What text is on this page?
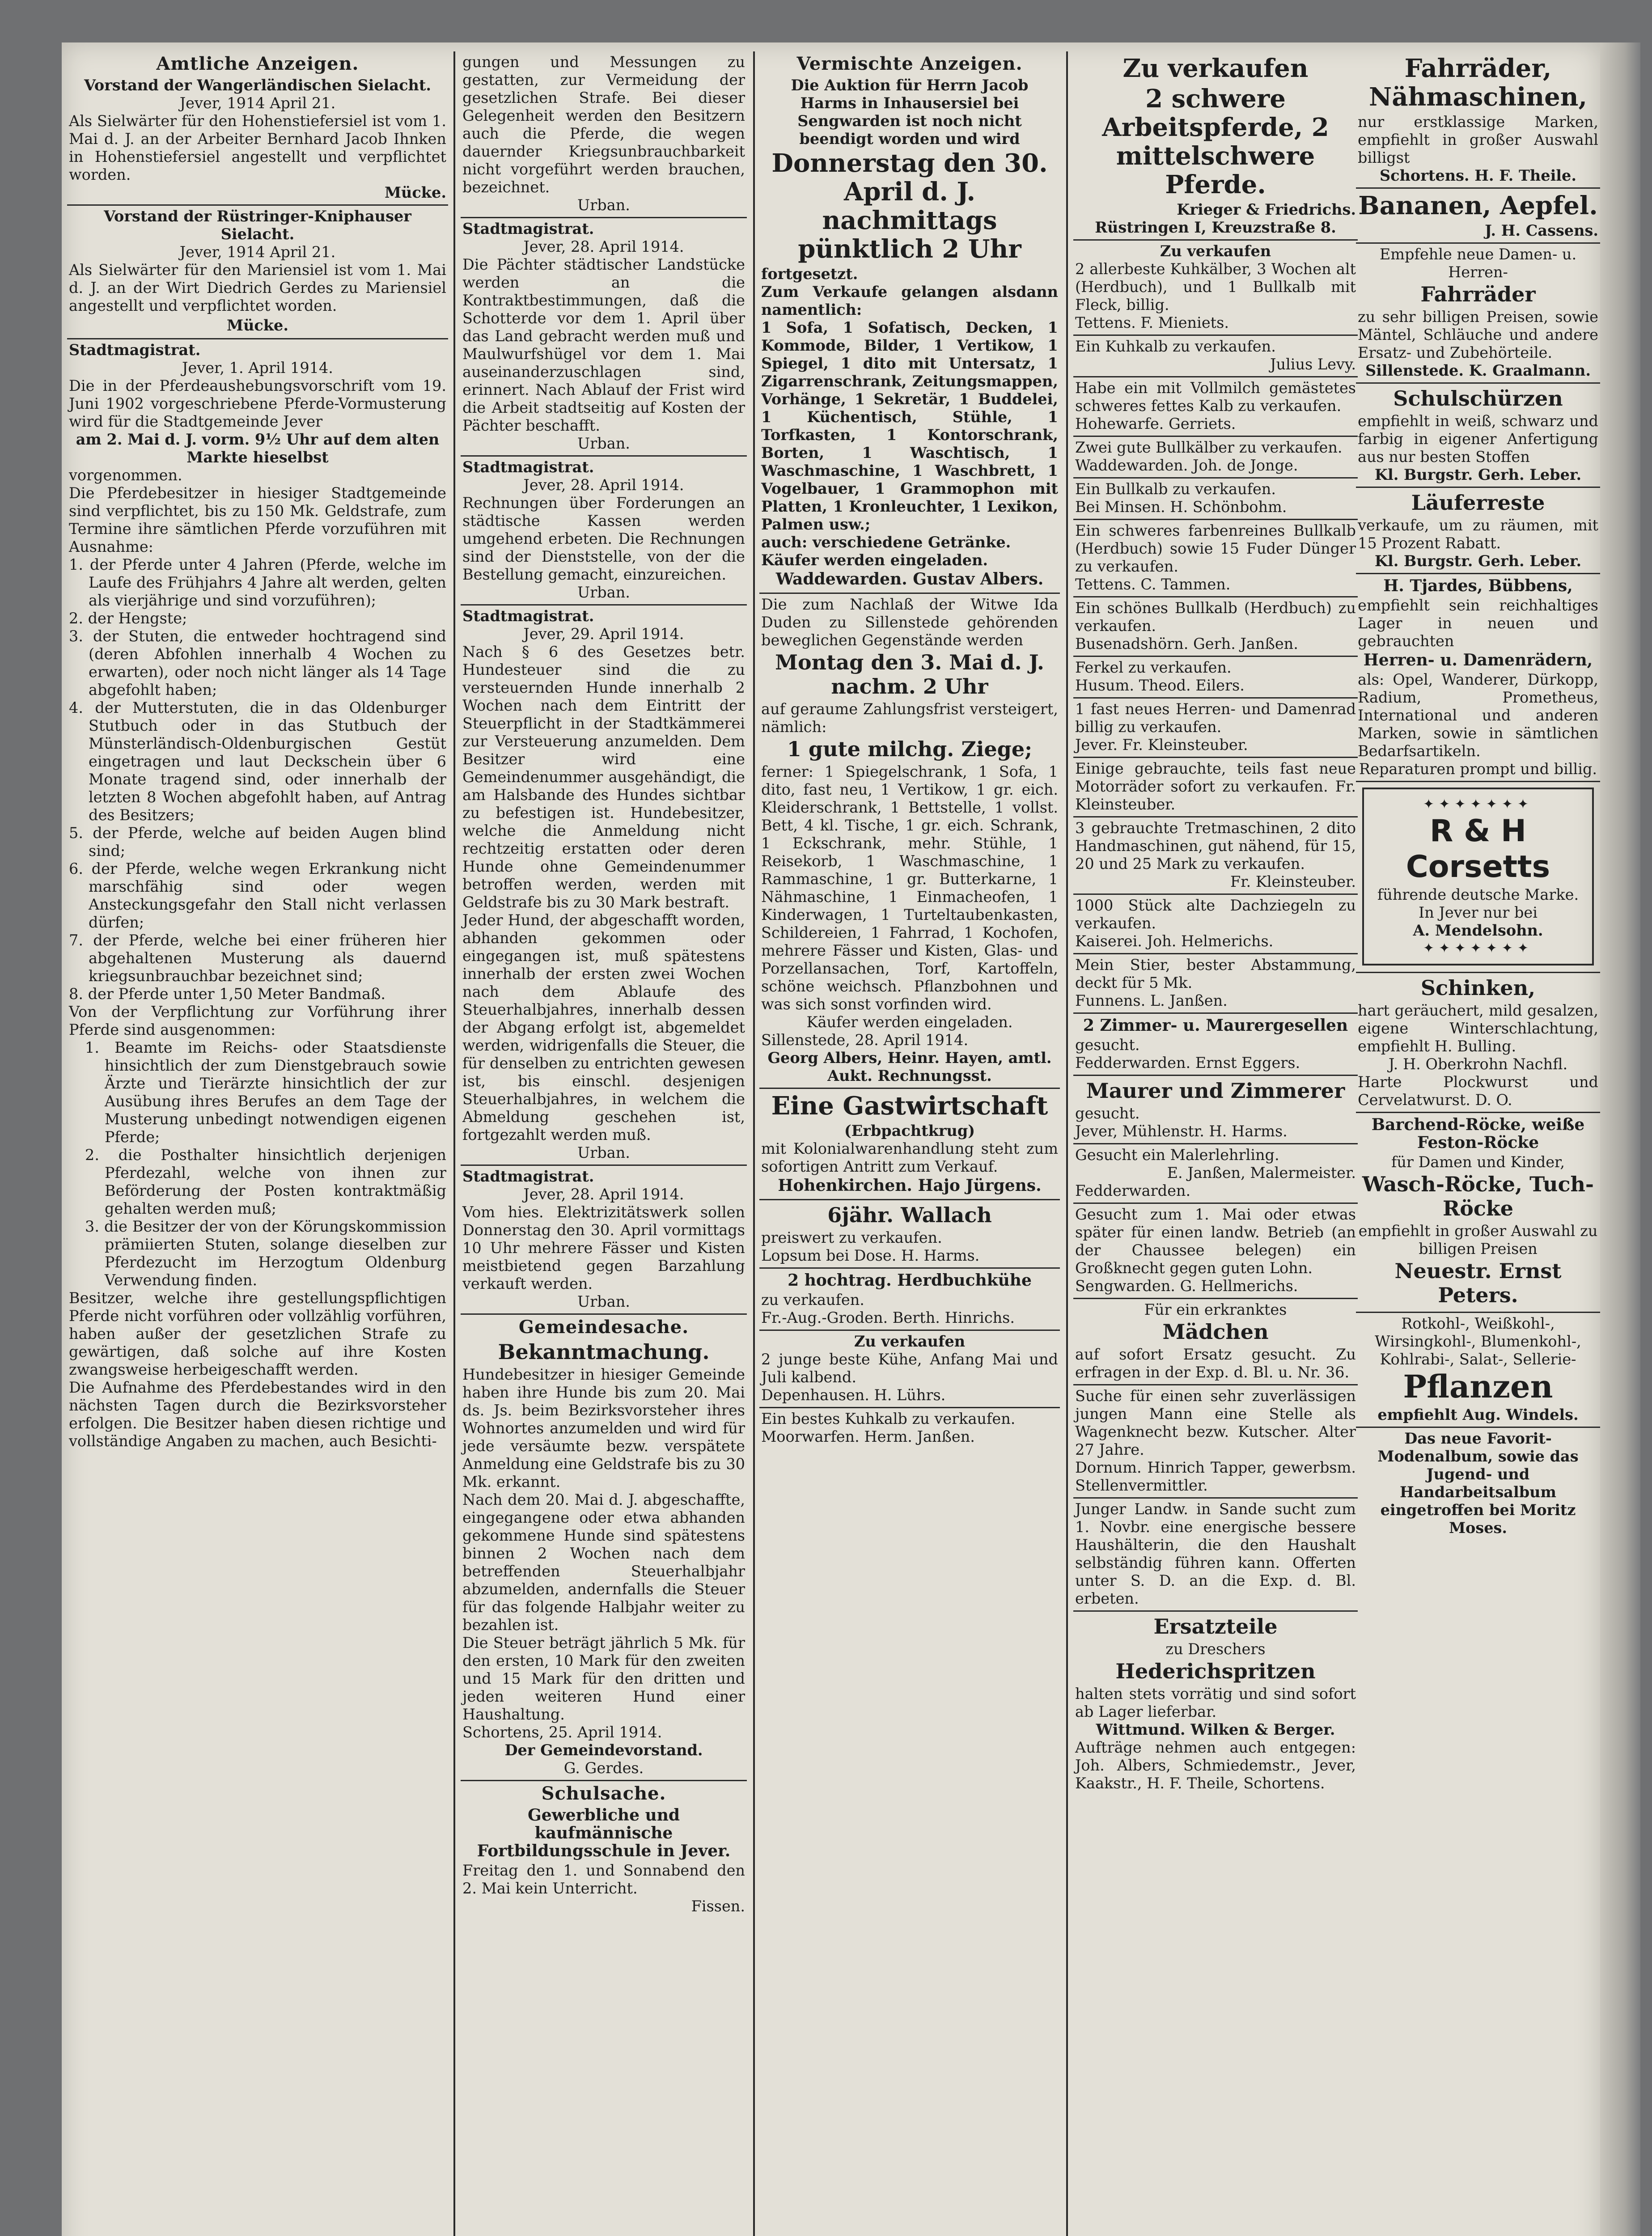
Amtliche Anzeigen.

Vorstand der Wangerländischen Sielacht.

Jever, 1914 April 21.

Als Sielwärter für den Hohenstiefersiel ist vom 1. Mai d. J. an der Arbeiter Bernhard Jacob Ihnken in Hohenstiefersiel angestellt und verpflichtet worden.

Mücke.

Vorstand der Rüstringer-Kniphauser Sielacht.

Jever, 1914 April 21.

Als Sielwärter für den Mariensiel ist vom 1. Mai d. J. an der Wirt Diedrich Gerdes zu Mariensiel angestellt und verpflichtet worden.

Mücke.

Stadtmagistrat.

Jever, 1. April 1914.

Die in der Pferdeaushebungsvorschrift vom 19. Juni 1902 vorgeschriebene Pferde-Vormusterung wird für die Stadtgemeinde Jever

am 2. Mai d. J. vorm. 9½ Uhr auf dem alten Markte hieselbst

vorgenommen.

Die Pferdebesitzer in hiesiger Stadtgemeinde sind verpflichtet, bis zu 150 Mk. Geldstrafe, zum Termine ihre sämtlichen Pferde vorzuführen mit Ausnahme:

1. der Pferde unter 4 Jahren (Pferde, welche im Laufe des Frühjahrs 4 Jahre alt werden, gelten als vierjährige und sind vorzuführen);

2. der Hengste;

3. der Stuten, die entweder hochtragend sind (deren Abfohlen innerhalb 4 Wochen zu erwarten), oder noch nicht länger als 14 Tage abgefohlt haben;

4. der Mutterstuten, die in das Oldenburger Stutbuch oder in das Stutbuch der Münsterländisch-Oldenburgischen Gestüt eingetragen und laut Deckschein über 6 Monate tragend sind, oder innerhalb der letzten 8 Wochen abgefohlt haben, auf Antrag des Besitzers;

5. der Pferde, welche auf beiden Augen blind sind;

6. der Pferde, welche wegen Erkrankung nicht marschfähig sind oder wegen Ansteckungsgefahr den Stall nicht verlassen dürfen;

7. der Pferde, welche bei einer früheren hier abgehaltenen Musterung als dauernd kriegsunbrauchbar bezeichnet sind;

8. der Pferde unter 1,50 Meter Bandmaß.

Von der Verpflichtung zur Vorführung ihrer Pferde sind ausgenommen:

1. Beamte im Reichs- oder Staatsdienste hinsichtlich der zum Dienstgebrauch sowie Ärzte und Tierärzte hinsichtlich der zur Ausübung ihres Berufes an dem Tage der Musterung unbedingt notwendigen eigenen Pferde;

2. die Posthalter hinsichtlich derjenigen Pferdezahl, welche von ihnen zur Beförderung der Posten kontraktmäßig gehalten werden muß;

3. die Besitzer der von der Körungskommission prämiierten Stuten, solange dieselben zur Pferdezucht im Herzogtum Oldenburg Verwendung finden.

Besitzer, welche ihre gestellungspflichtigen Pferde nicht vorführen oder vollzählig vorführen, haben außer der gesetzlichen Strafe zu gewärtigen, daß solche auf ihre Kosten zwangsweise herbeigeschafft werden.

Die Aufnahme des Pferdebestandes wird in den nächsten Tagen durch die Bezirksvorsteher erfolgen. Die Besitzer haben diesen richtige und vollständige Angaben zu machen, auch Besichti-

gungen und Messungen zu gestatten, zur Vermeidung der gesetzlichen Strafe. Bei dieser Gelegenheit werden den Besitzern auch die Pferde, die wegen dauernder Kriegsunbrauchbarkeit nicht vorgeführt werden brauchen, bezeichnet.

Urban.

Stadtmagistrat.

Jever, 28. April 1914.

Die Pächter städtischer Landstücke werden an die Kontraktbestimmungen, daß die Schotterde vor dem 1. April über das Land gebracht werden muß und Maulwurfshügel vor dem 1. Mai auseinanderzuschlagen sind, erinnert. Nach Ablauf der Frist wird die Arbeit stadtseitig auf Kosten der Pächter beschafft.

Urban.

Stadtmagistrat.

Jever, 28. April 1914.

Rechnungen über Forderungen an städtische Kassen werden umgehend erbeten. Die Rechnungen sind der Dienststelle, von der die Bestellung gemacht, einzureichen.

Urban.

Stadtmagistrat.

Jever, 29. April 1914.

Nach § 6 des Gesetzes betr. Hundesteuer sind die zu versteuernden Hunde innerhalb 2 Wochen nach dem Eintritt der Steuerpflicht in der Stadtkämmerei zur Versteuerung anzumelden. Dem Besitzer wird eine Gemeindenummer ausgehändigt, die am Halsbande des Hundes sichtbar zu befestigen ist. Hundebesitzer, welche die Anmeldung nicht rechtzeitig erstatten oder deren Hunde ohne Gemeindenummer betroffen werden, werden mit Geldstrafe bis zu 30 Mark bestraft.

Jeder Hund, der abgeschafft worden, abhanden gekommen oder eingegangen ist, muß spätestens innerhalb der ersten zwei Wochen nach dem Ablaufe des Steuerhalbjahres, innerhalb dessen der Abgang erfolgt ist, abgemeldet werden, widrigenfalls die Steuer, die für denselben zu entrichten gewesen ist, bis einschl. desjenigen Steuerhalbjahres, in welchem die Abmeldung geschehen ist, fortgezahlt werden muß.

Urban.

Stadtmagistrat.

Jever, 28. April 1914.

Vom hies. Elektrizitätswerk sollen Donnerstag den 30. April vormittags 10 Uhr mehrere Fässer und Kisten meistbietend gegen Barzahlung verkauft werden.

Urban.

Gemeindesache.
Bekanntmachung.

Hundebesitzer in hiesiger Gemeinde haben ihre Hunde bis zum 20. Mai ds. Js. beim Bezirksvorsteher ihres Wohnortes anzumelden und wird für jede versäumte bezw. verspätete Anmeldung eine Geldstrafe bis zu 30 Mk. erkannt.

Nach dem 20. Mai d. J. abgeschaffte, eingegangene oder etwa abhanden gekommene Hunde sind spätestens binnen 2 Wochen nach dem betreffenden Steuerhalbjahr abzumelden, andernfalls die Steuer für das folgende Halbjahr weiter zu bezahlen ist.

Die Steuer beträgt jährlich 5 Mk. für den ersten, 10 Mark für den zweiten und 15 Mark für den dritten und jeden weiteren Hund einer Haushaltung.

Schortens, 25. April 1914.

Der Gemeindevorstand.

G. Gerdes.

Schulsache.
Gewerbliche und kaufmännische Fortbildungsschule in Jever.

Freitag den 1. und Sonnabend den 2. Mai kein Unterricht.

Fissen.

Vermischte Anzeigen.

Die Auktion für Herrn Jacob Harms in Inhausersiel bei Sengwarden ist noch nicht beendigt worden und wird

Donnerstag den 30. April d. J. nachmittags pünktlich 2 Uhr

fortgesetzt.

Zum Verkaufe gelangen alsdann namentlich:

1 Sofa, 1 Sofatisch, Decken, 1 Kommode, Bilder, 1 Vertikow, 1 Spiegel, 1 dito mit Untersatz, 1 Zigarrenschrank, Zeitungsmappen, Vorhänge, 1 Sekretär, 1 Buddelei, 1 Küchentisch, Stühle, 1 Torfkasten, 1 Kontorschrank, Borten, 1 Waschtisch, 1 Waschmaschine, 1 Waschbrett, 1 Vogelbauer, 1 Grammophon mit Platten, 1 Kronleuchter, 1 Lexikon, Palmen usw.;

auch: verschiedene Getränke.

Käufer werden eingeladen.

Waddewarden. Gustav Albers.

Die zum Nachlaß der Witwe Ida Duden zu Sillenstede gehörenden beweglichen Gegenstände werden

Montag den 3. Mai d. J. nachm. 2 Uhr

auf geraume Zahlungsfrist versteigert, nämlich:

1 gute milchg. Ziege;

ferner: 1 Spiegelschrank, 1 Sofa, 1 dito, fast neu, 1 Vertikow, 1 gr. eich. Kleiderschrank, 1 Bettstelle, 1 vollst. Bett, 4 kl. Tische, 1 gr. eich. Schrank, 1 Eckschrank, mehr. Stühle, 1 Reisekorb, 1 Waschmaschine, 1 Rammaschine, 1 gr. Butterkarne, 1 Nähmaschine, 1 Einmacheofen, 1 Kinderwagen, 1 Turteltaubenkasten, Schildereien, 1 Fahrrad, 1 Kochofen, mehrere Fässer und Kisten, Glas- und Porzellansachen, Torf, Kartoffeln, schöne weichsch. Pflanzbohnen und was sich sonst vorfinden wird.

Käufer werden eingeladen.

Sillenstede, 28. April 1914.

Georg Albers, Heinr. Hayen, amtl. Aukt. Rechnungsst.

Eine Gastwirtschaft

(Erbpachtkrug)

mit Kolonialwarenhandlung steht zum sofortigen Antritt zum Verkauf.

Hohenkirchen. Hajo Jürgens.
6jähr. Wallach

preiswert zu verkaufen.

Lopsum bei Dose. H. Harms.

2 hochtrag. Herdbuchkühe

zu verkaufen.

Fr.-Aug.-Groden. Berth. Hinrichs.

Zu verkaufen

2 junge beste Kühe, Anfang Mai und Juli kalbend.

Depenhausen. H. Lührs.

Ein bestes Kuhkalb zu verkaufen.

Moorwarfen. Herm. Janßen.

Zu verkaufen
2 schwere Arbeitspferde, 2 mittelschwere Pferde.

Krieger & Friedrichs.

Rüstringen I, Kreuzstraße 8.

Zu verkaufen

2 allerbeste Kuhkälber, 3 Wochen alt (Herdbuch), und 1 Bullkalb mit Fleck, billig.

Tettens. F. Mieniets.

Ein Kuhkalb zu verkaufen.

Julius Levy.

Habe ein mit Vollmilch gemästetes schweres fettes Kalb zu verkaufen.

Hohewarfe. Gerriets.

Zwei gute Bullkälber zu verkaufen.

Waddewarden. Joh. de Jonge.

Ein Bullkalb zu verkaufen.

Bei Minsen. H. Schönbohm.

Ein schweres farbenreines Bullkalb (Herdbuch) sowie 15 Fuder Dünger zu verkaufen.

Tettens. C. Tammen.

Ein schönes Bullkalb (Herdbuch) zu verkaufen.

Busenadshörn. Gerh. Janßen.

Ferkel zu verkaufen.

Husum. Theod. Eilers.

1 fast neues Herren- und Damenrad billig zu verkaufen.

Jever. Fr. Kleinsteuber.

Einige gebrauchte, teils fast neue Motorräder sofort zu verkaufen. Fr. Kleinsteuber.

3 gebrauchte Tretmaschinen, 2 dito Handmaschinen, gut nähend, für 15, 20 und 25 Mark zu verkaufen.

Fr. Kleinsteuber.

1000 Stück alte Dachziegeln zu verkaufen.

Kaiserei. Joh. Helmerichs.

Mein Stier, bester Abstammung, deckt für 5 Mk.

Funnens. L. Janßen.

2 Zimmer- u. Maurergesellen

gesucht.

Fedderwarden. Ernst Eggers.

Maurer und Zimmerer

gesucht.

Jever, Mühlenstr. H. Harms.

Gesucht ein Malerlehrling.

E. Janßen, Malermeister.

Fedderwarden.

Gesucht zum 1. Mai oder etwas später für einen landw. Betrieb (an der Chaussee belegen) ein Großknecht gegen guten Lohn.

Sengwarden. G. Hellmerichs.

Für ein erkranktes

Mädchen

auf sofort Ersatz gesucht. Zu erfragen in der Exp. d. Bl. u. Nr. 36.

Suche für einen sehr zuverlässigen jungen Mann eine Stelle als Wagenknecht bezw. Kutscher. Alter 27 Jahre.

Dornum. Hinrich Tapper, gewerbsm. Stellenvermittler.

Junger Landw. in Sande sucht zum 1. Novbr. eine energische bessere Haushälterin, die den Haushalt selbständig führen kann. Offerten unter S. D. an die Exp. d. Bl. erbeten.

Ersatzteile

zu Dreschers

Hederichspritzen

halten stets vorrätig und sind sofort ab Lager lieferbar.

Wittmund. Wilken & Berger.

Aufträge nehmen auch entgegen: Joh. Albers, Schmiedemstr., Jever, Kaakstr., H. F. Theile, Schortens.

Fahrräder, Nähmaschinen,

nur erstklassige Marken, empfiehlt in großer Auswahl billigst

Schortens. H. F. Theile.

Bananen, Aepfel.

J. H. Cassens.

Empfehle neue Damen- u. Herren-

Fahrräder

zu sehr billigen Preisen, sowie Mäntel, Schläuche und andere Ersatz- und Zubehörteile.

Sillenstede. K. Graalmann.

Schulschürzen

empfiehlt in weiß, schwarz und farbig in eigener Anfertigung aus nur besten Stoffen

Kl. Burgstr. Gerh. Leber.

Läuferreste

verkaufe, um zu räumen, mit 15 Prozent Rabatt.

Kl. Burgstr. Gerh. Leber.

H. Tjardes, Bübbens,

empfiehlt sein reichhaltiges Lager in neuen und gebrauchten

Herren- u. Damenrädern,

als: Opel, Wanderer, Dürkopp, Radium, Prometheus, International und anderen Marken, sowie in sämtlichen Bedarfsartikeln.

Reparaturen prompt und billig.

✦✦✦✦✦✦✦
R & H
Corsetts
führende deutsche Marke.
In Jever nur bei
A. Mendelsohn.
✦✦✦✦✦✦✦
Schinken,

hart geräuchert, mild gesalzen, eigene Winterschlachtung, empfiehlt H. Bulling.

J. H. Oberkrohn Nachfl.

Harte Plockwurst und Cervelatwurst. D. O.

Barchend-Röcke, weiße Feston-Röcke

für Damen und Kinder,

Wasch-Röcke, Tuch-Röcke

empfiehlt in großer Auswahl zu billigen Preisen

Neuestr. Ernst Peters.

Rotkohl-, Weißkohl-, Wirsingkohl-, Blumenkohl-, Kohlrabi-, Salat-, Sellerie-

Pflanzen

empfiehlt Aug. Windels.

Das neue Favorit-Modenalbum, sowie das Jugend- und Handarbeitsalbum eingetroffen bei Moritz Moses.
